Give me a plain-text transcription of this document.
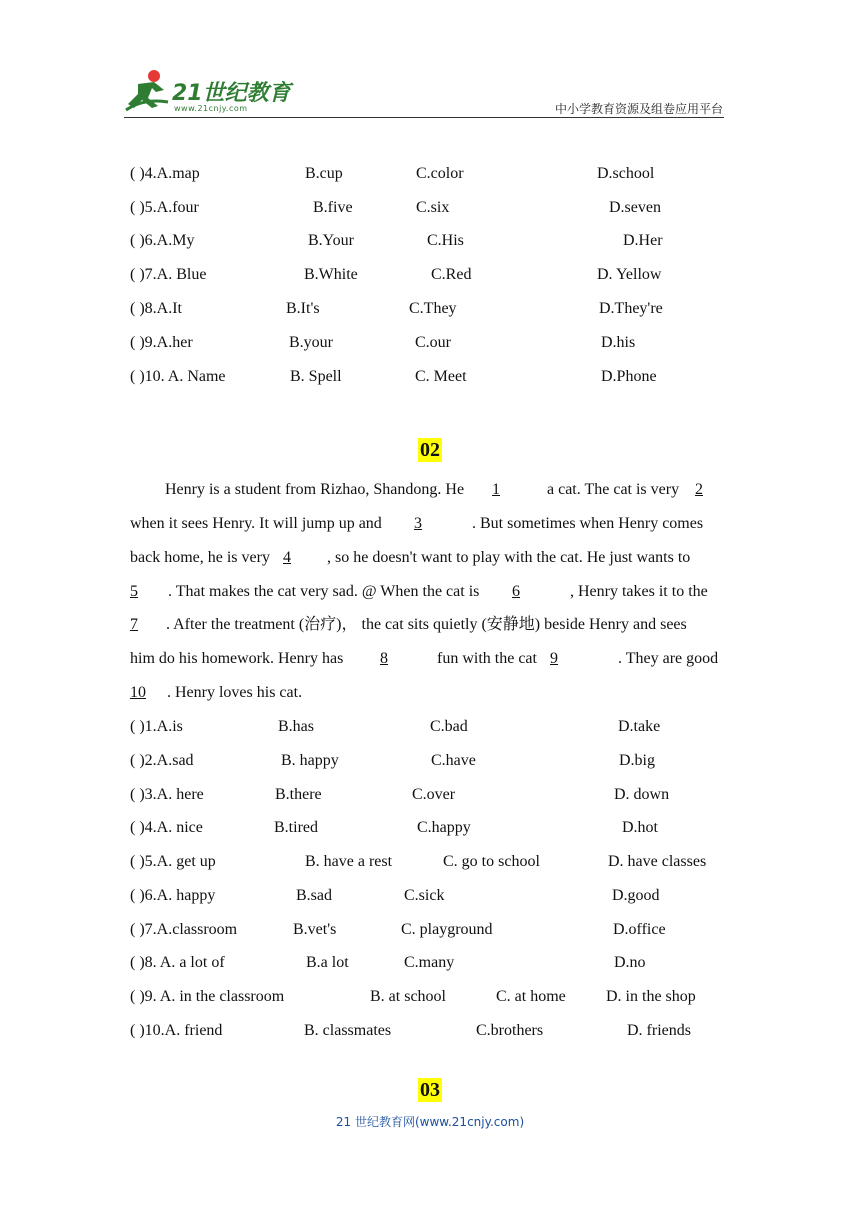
21世纪教育
www.21cnjy.com	中小学教育资源及组卷应用平台
( )4.A.map	B.cup	C.color	D.school
( )5.A.four	B.five	C.six	D.seven
( )6.A.My	B.Your	C.His	D.Her
( )7.A. Blue	B.White	C.Red	D. Yellow
( )8.A.It	B.It's	C.They	D.They're
( )9.A.her	B.your	C.our	D.his
( )10. A. Name	B. Spell	C. Meet	D.Phone
02
Henry is a student from Rizhao, Shandong. He 1	a cat. The cat is very 2
when it sees Henry. It will jump up and 3	. But sometimes when Henry comes
back home, he is very 4 , so he doesn't want to play with the cat. He just wants to
5 . That makes the cat very sad. @ When the cat is 6	, Henry takes it to the
7 . After the treatment (治疗)， the cat sits quietly (安静地) beside Henry and sees
him do his homework. Henry has 8	fun with the cat 9	. They are good
10 . Henry loves his cat.
( )1.A.is	B.has	C.bad	D.take
( )2.A.sad	B. happy	C.have	D.big
( )3.A. here	B.there	C.over	D. down
( )4.A. nice	B.tired	C.happy	D.hot
( )5.A. get up	B. have a rest	C. go to school	D. have classes
( )6.A. happy	B.sad	C.sick	D.good
( )7.A.classroom	B.vet's	C. playground	D.office
( )8. A. a lot of	B.a lot	C.many	D.no
( )9. A. in the classroom	B. at school	C. at home	D. in the shop
( )10.A. friend	B. classmates	C.brothers	D. friends
03
21 世纪教育网(www.21cnjy.com)
